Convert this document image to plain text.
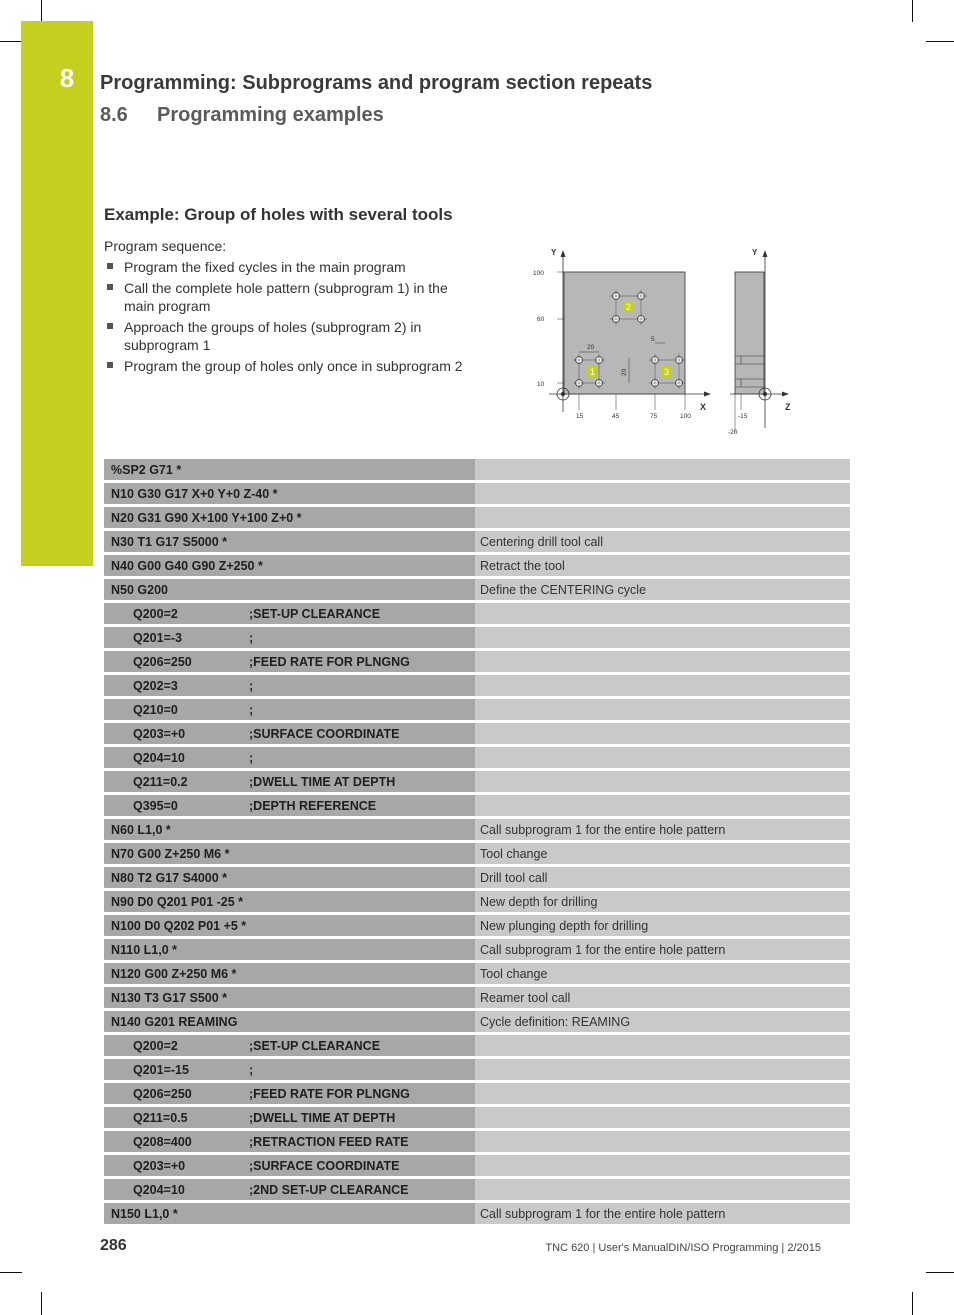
8	Programming: Subprograms and program section repeats
8.6 Programming examples
Example: Group of holes with several tools
Program sequence:
Program the fixed cycles in the main program
Call the complete hole pattern (subprogram 1) in the main program
Approach the groups of holes (subprogram 2) in subprogram 1
Program the group of holes only once in subprogram 2
Y
X
100
60
10
15	45	75	100
20
20
5
1
2
3
Y
Z
-15
-20
%SP2 G71 *	
N10 G30 G17 X+0 Y+0 Z-40 *	
N20 G31 G90 X+100 Y+100 Z+0 *	
N30 T1 G17 S5000 *	Centering drill tool call
N40 G00 G40 G90 Z+250 *	Retract the tool
N50 G200	Define the CENTERING cycle
Q200=2 ;SET-UP CLEARANCE	
Q201=-3 ;	
Q206=250 ;FEED RATE FOR PLNGNG	
Q202=3 ;	
Q210=0 ;	
Q203=+0 ;SURFACE COORDINATE	
Q204=10 ;	
Q211=0.2 ;DWELL TIME AT DEPTH	
Q395=0 ;DEPTH REFERENCE	
N60 L1,0 *	Call subprogram 1 for the entire hole pattern
N70 G00 Z+250 M6 *	Tool change
N80 T2 G17 S4000 *	Drill tool call
N90 D0 Q201 P01 -25 *	New depth for drilling
N100 D0 Q202 P01 +5 *	New plunging depth for drilling
N110 L1,0 *	Call subprogram 1 for the entire hole pattern
N120 G00 Z+250 M6 *	Tool change
N130 T3 G17 S500 *	Reamer tool call
N140 G201 REAMING	Cycle definition: REAMING
Q200=2 ;SET-UP CLEARANCE	
Q201=-15 ;	
Q206=250 ;FEED RATE FOR PLNGNG	
Q211=0.5 ;DWELL TIME AT DEPTH	
Q208=400 ;RETRACTION FEED RATE	
Q203=+0 ;SURFACE COORDINATE	
Q204=10 ;2ND SET-UP CLEARANCE	
N150 L1,0 *	Call subprogram 1 for the entire hole pattern
286	TNC 620 | User's ManualDIN/ISO Programming | 2/2015
